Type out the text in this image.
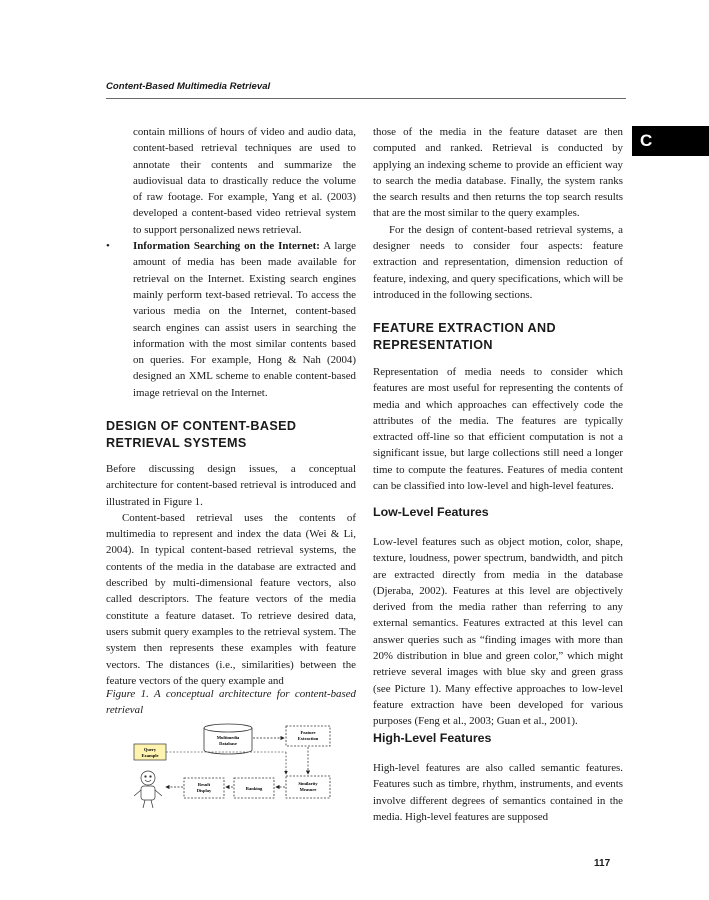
Content-Based Multimedia Retrieval
C

contain millions of hours of video and audio data, content-based retrieval techniques are used to annotate their contents and summarize the audiovisual data to drastically reduce the volume of raw footage. For example, Yang et al. (2003) developed a content-based video retrieval system to support personalized news retrieval.

• Information Searching on the Internet: A large amount of media has been made available for retrieval on the Internet. Existing search engines mainly perform text-based retrieval. To access the various media on the Internet, content-based search engines can assist users in searching the information with the most similar contents based on queries. For example, Hong & Nah (2004) designed an XML scheme to enable content-based image retrieval on the Internet.

DESIGN OF CONTENT-BASED RETRIEVAL SYSTEMS

Before discussing design issues, a conceptual architecture for content-based retrieval is introduced and illustrated in Figure 1.

Content-based retrieval uses the contents of multimedia to represent and index the data (Wei & Li, 2004). In typical content-based retrieval systems, the contents of the media in the database are extracted and described by multi-dimensional feature vectors, also called descriptors. The feature vectors of the media constitute a feature dataset. To retrieve desired data, users submit query examples to the retrieval system. The system then represents these examples with feature vectors. The distances (i.e., similarities) between the feature vectors of the query example and

Figure 1. A conceptual architecture for content-based retrieval
Multimedia
Database
Feature
Extraction
Query
Example
Result
Display	Ranking
Similarity
Measure

those of the media in the feature dataset are then computed and ranked. Retrieval is conducted by applying an indexing scheme to provide an efficient way to search the media database. Finally, the system ranks the search results and then returns the top search results that are the most similar to the query examples.

For the design of content-based retrieval systems, a designer needs to consider four aspects: feature extraction and representation, dimension reduction of feature, indexing, and query specifications, which will be introduced in the following sections.

FEATURE EXTRACTION AND REPRESENTATION

Representation of media needs to consider which features are most useful for representing the contents of media and which approaches can effectively code the attributes of the media. The features are typically extracted off-line so that efficient computation is not a significant issue, but large collections still need a longer time to compute the features. Features of media content can be classified into low-level and high-level features.

Low-Level Features

Low-level features such as object motion, color, shape, texture, loudness, power spectrum, bandwidth, and pitch are extracted directly from media in the database (Djeraba, 2002). Features at this level are objectively derived from the media rather than referring to any external semantics. Features extracted at this level can answer queries such as “finding images with more than 20% distribution in blue and green color,” which might retrieve several images with blue sky and green grass (see Picture 1). Many effective approaches to low-level feature extraction have been developed for various purposes (Feng et al., 2003; Guan et al., 2001).

High-Level Features

High-level features are also called semantic features. Features such as timbre, rhythm, instruments, and events involve different degrees of semantics contained in the media. High-level features are supposed

117
